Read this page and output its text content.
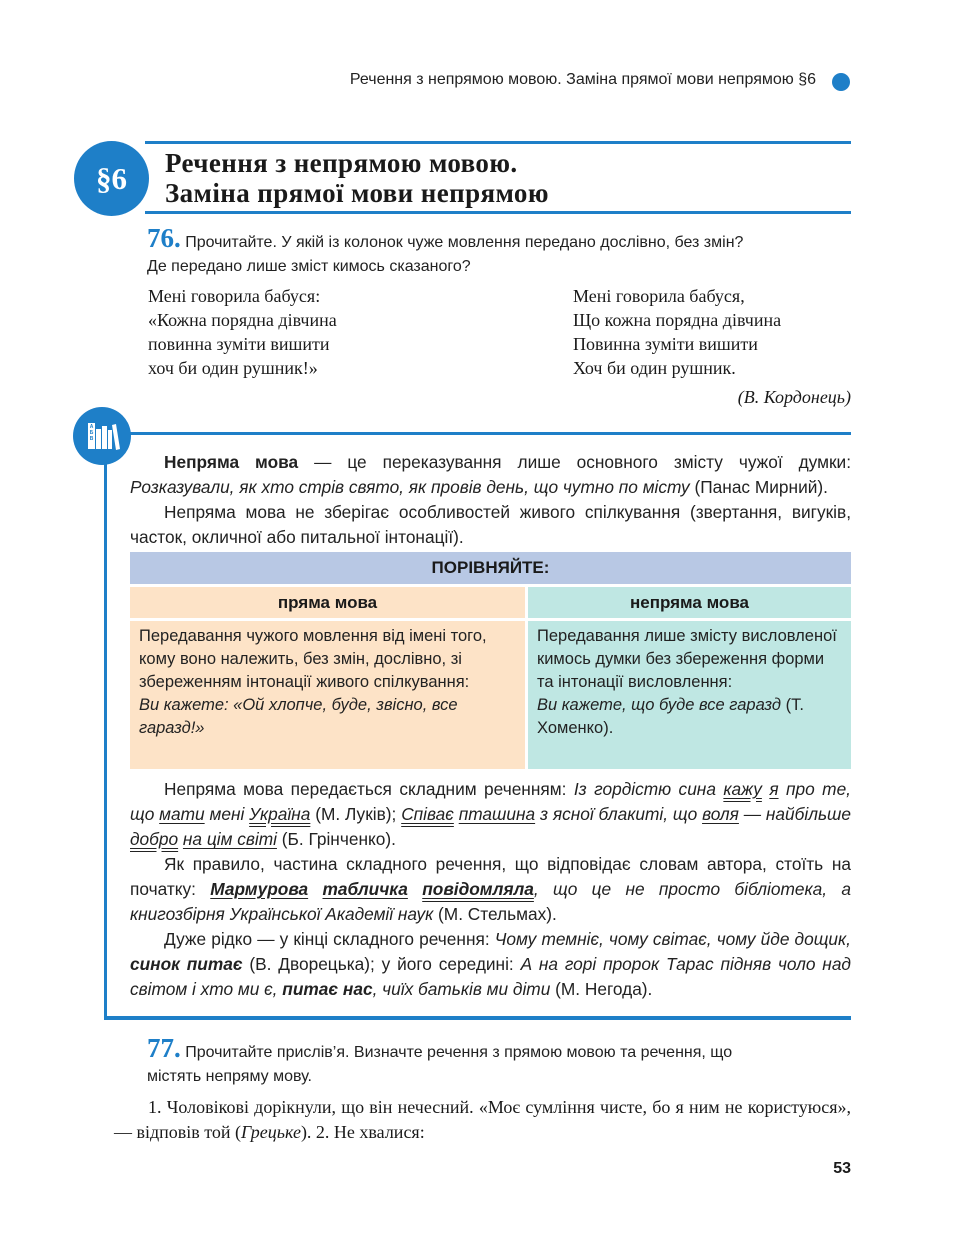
Речення з непрямою мовою. Заміна прямої мови непрямою §6
§6	Речення з непрямою мовою.
Заміна прямої мови непрямою
76. Прочитайте. У якій із колонок чуже мовлення передано дослівно, без змін?
Де передано лише зміст кимось сказаного?
Мені говорила бабуся:
«Кожна порядна дівчина
повинна зуміти вишити
хоч би один рушник!»
Мені говорила бабуся,
Що кожна порядна дівчина
Повинна зуміти вишити
Хоч би один рушник.
(В. Кордонець)
А
Б
В

Непряма мова — це переказування лише основного змісту чужої думки: Розказували, як хто стрів свято, як провів день, що чутно по місту (Панас Мирний).

Непряма мова не зберігає особливостей живого спілкування (звертання, вигуків, часток, окличної або питальної інтонації).

ПОРІВНЯЙТЕ:
пряма мова	непряма мова
Передавання чужого мовлення від імені того, кому воно належить, без змін, дослівно, зі збереженням інтонації живого спілкування:
Ви кажете: «Ой хлопче, буде, звісно, все гаразд!»
Передавання лише змісту висловленої кимось думки без збереження форми та інтонації висловлення:
Ви кажете, що буде все гаразд (Т. Хоменко).

Непряма мова передається складним реченням: Із гордістю сина кажу я про те, що мати мені Україна (М. Луків); Співає пташина з ясної блакиті, що воля — найбільше добро на цім світі (Б. Грінченко).

Як правило, частина складного речення, що відповідає словам автора, стоїть на початку: Мармурова табличка повідомляла, що це не просто бібліотека, а книгозбірня Української Академії наук (М. Стельмах).

Дуже рідко — у кінці складного речення: Чому темніє, чому світає, чому йде дощик, синок питає (В. Дворецька); у його середині: А на горі пророк Тарас підняв чоло над світом і хто ми є, питає нас, чиїх батьків ми діти (М. Негода).

77. Прочитайте прислів’я. Визначте речення з прямою мовою та речення, що
містять непряму мову.
1. Чоловікові дорікнули, що він нечесний. «Моє сумління чисте, бо я ним не користуюся»,— відповів той (Грецьке). 2. Не хвалися:
53
